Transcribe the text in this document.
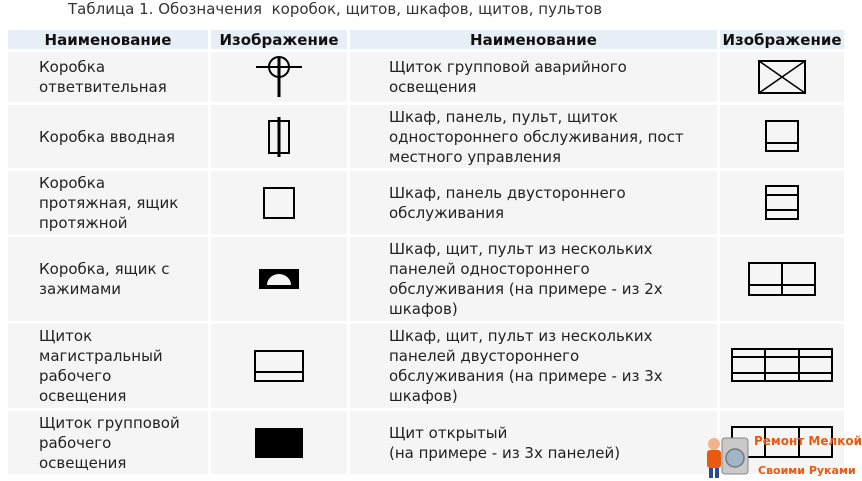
Таблица 1. Обозначения  коробок, щитов, шкафов, щитов, пультов
Наименование	Изображение	Наименование	Изображение
Коробка
ответвительная		Щиток групповой аварийного
освещения	

Коробка вводная		Шкаф, панель, пульт, щиток
одностороннего обслуживания, пост
местного управления	

Коробка
протяжная, ящик
протяжной		Шкаф, панель двустороннего
обслуживания	

Коробка, ящик с
зажимами		Шкаф, щит, пульт из нескольких
панелей одностороннего
обслуживания (на примере - из 2х
шкафов)	

Щиток
магистральный
рабочего
освещения		Шкаф, щит, пульт из нескольких
панелей двустороннего
обслуживания (на примере - из 3х
шкафов)	

Щиток групповой
рабочего
освещения		Щит открытый
(на примере - из 3х панелей)	
Ремонт Мелкой
Своими Руками
